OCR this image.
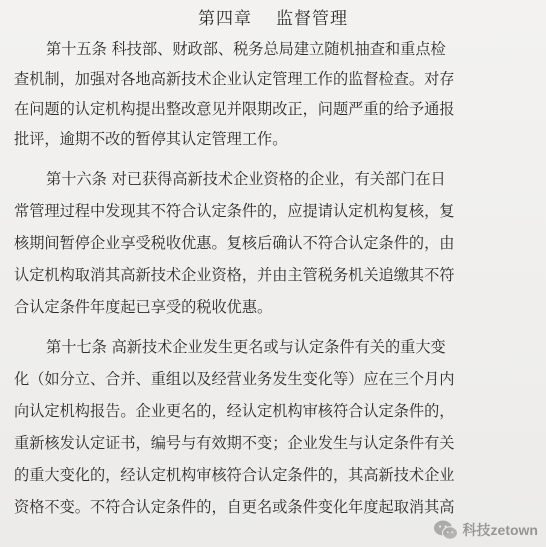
第四章 监督管理
第十五条 科技部、财政部、税务总局建立随机抽查和重点检
查机制，加强对各地高新技术企业认定管理工作的监督检查。对存
在问题的认定机构提出整改意见并限期改正，问题严重的给予通报
批评，逾期不改的暂停其认定管理工作。
第十六条 对已获得高新技术企业资格的企业，有关部门在日
常管理过程中发现其不符合认定条件的，应提请认定机构复核，复
核期间暂停企业享受税收优惠。复核后确认不符合认定条件的，由
认定机构取消其高新技术企业资格，并由主管税务机关追缴其不符
合认定条件年度起已享受的税收优惠。
第十七条 高新技术企业发生更名或与认定条件有关的重大变
化（如分立、合并、重组以及经营业务发生变化等）应在三个月内
向认定机构报告。企业更名的，经认定机构审核符合认定条件的，
重新核发认定证书，编号与有效期不变；企业发生与认定条件有关
的重大变化的，经认定机构审核符合认定条件的，其高新技术企业
资格不变。不符合认定条件的，自更名或条件变化年度起取消其高
科技zetown
